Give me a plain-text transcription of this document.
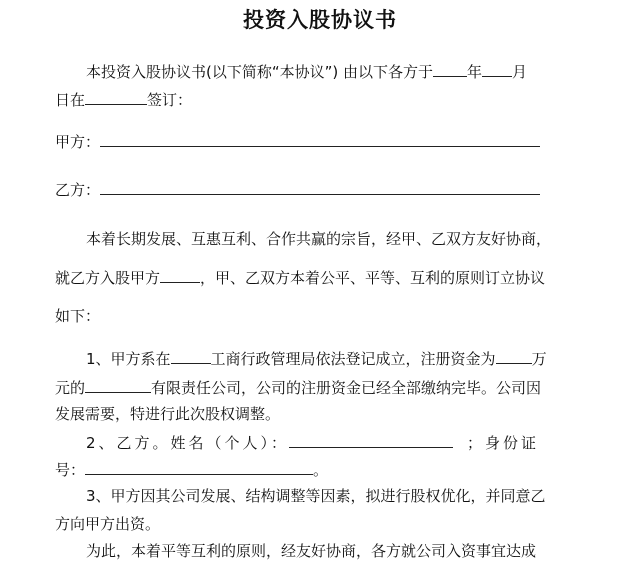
投资入股协议书
本投资入股协议书(以下简称“本协议”) 由以下各方于 年 月
日在	签订：
甲方：
乙方：
本着长期发展、互惠互利、合作共赢的宗旨，经甲、乙双方友好协商，
就乙方入股甲方	，甲、乙双方本着公平、平等、互利的原则订立协议
如下：
1、甲方系在	工商行政管理局依法登记成立，注册资金为 万
元的	有限责任公司，公司的注册资金已经全部缴纳完毕。公司因
发展需要，特进行此次股权调整。
2、乙方。姓名（个人）：	；身份证
号：	。
3、甲方因其公司发展、结构调整等因素，拟进行股权优化，并同意乙
方向甲方出资。
为此，本着平等互利的原则，经友好协商，各方就公司入资事宜达成
